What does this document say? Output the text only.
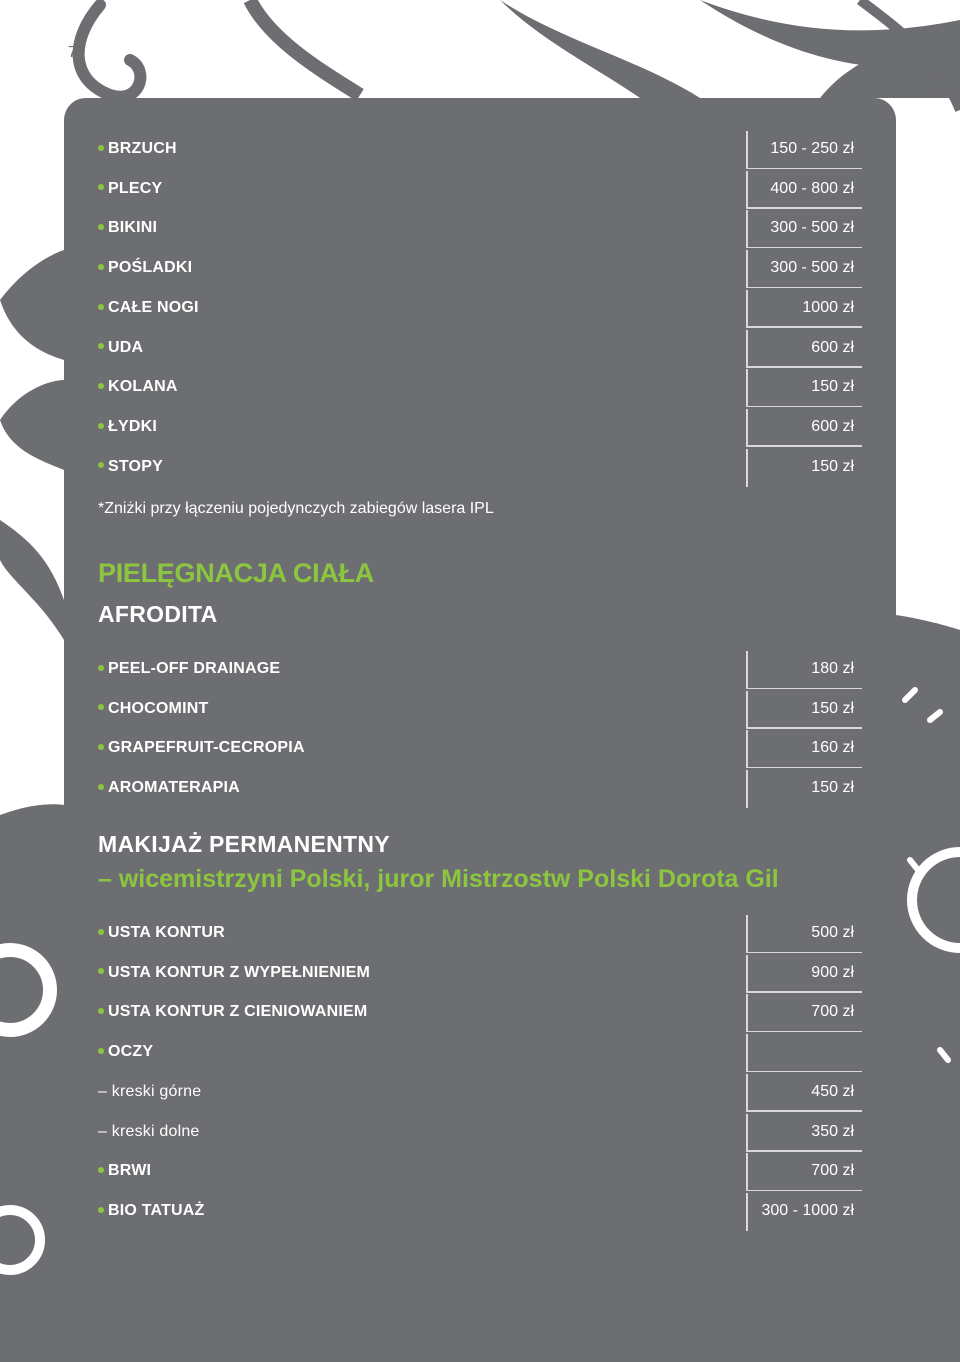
7
BRZUCH	150 - 250 zł
PLECY	400 - 800 zł
BIKINI	300 - 500 zł
POŚLADKI	300 - 500 zł
CAŁE NOGI	1000 zł
UDA	600 zł
KOLANA	150 zł
ŁYDKI	600 zł
STOPY	150 zł
*Zniżki przy łączeniu pojedynczych zabiegów lasera IPL
PIELĘGNACJA CIAŁA
AFRODITA
PEEL-OFF DRAINAGE	180 zł
CHOCOMINT	150 zł
GRAPEFRUIT-CECROPIA	160 zł
AROMATERAPIA	150 zł
MAKIJAŻ PERMANENTNY
– wicemistrzyni Polski, juror Mistrzostw Polski Dorota Gil
USTA KONTUR	500 zł
USTA KONTUR Z WYPEŁNIENIEM	900 zł
USTA KONTUR Z CIENIOWANIEM	700 zł
OCZY
– kreski górne	450 zł
– kreski dolne	350 zł
BRWI	700 zł
BIO TATUAŻ	300 - 1000 zł
